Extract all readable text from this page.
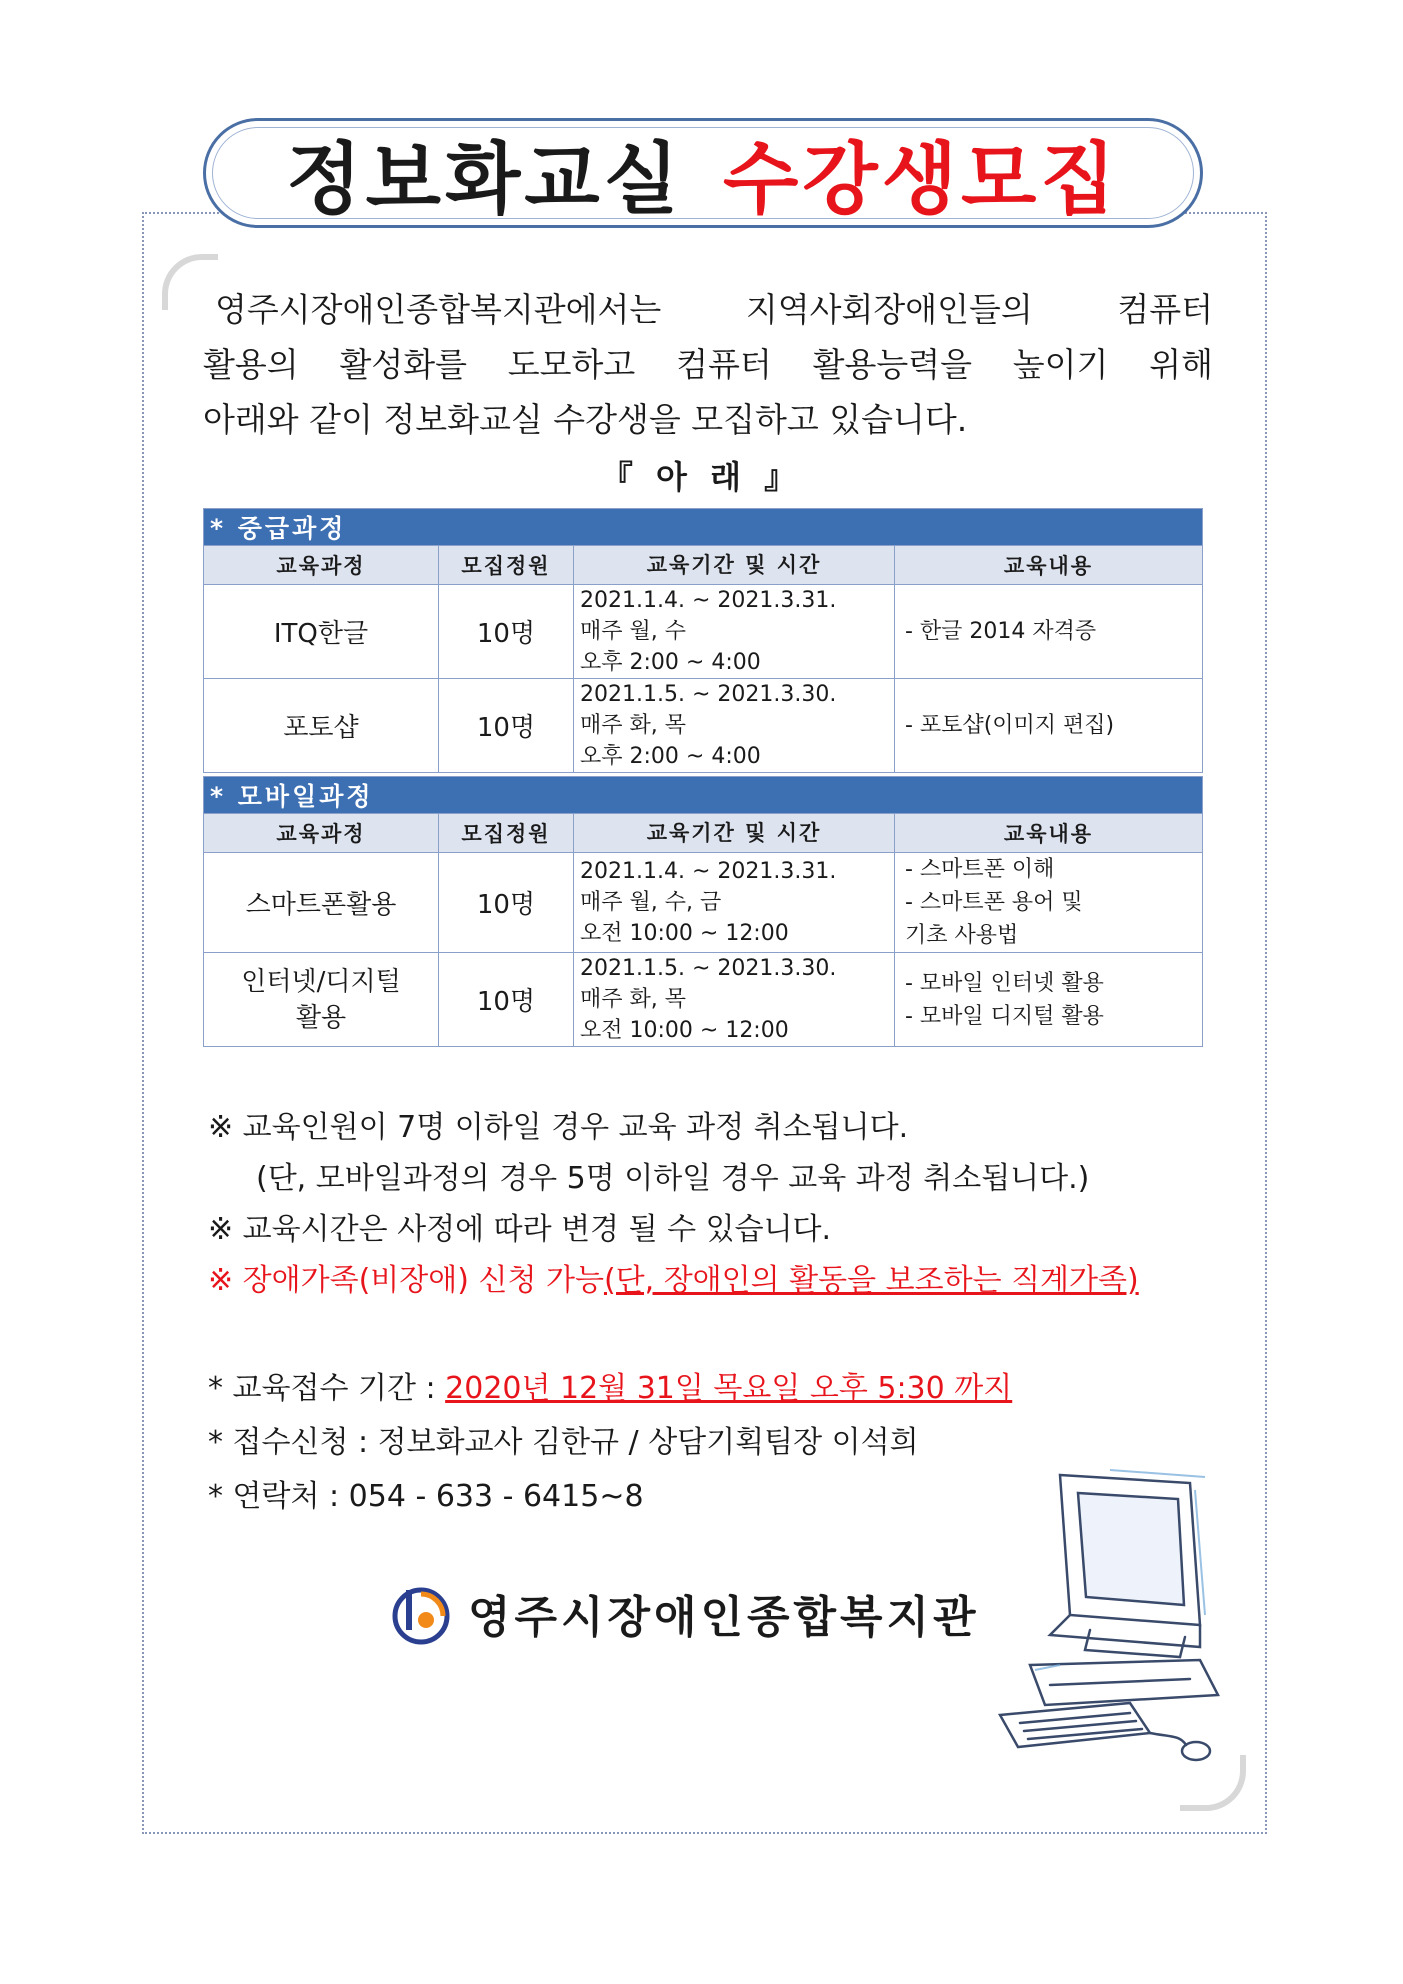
정보화교실 수강생모집
영주시장애인종합복지관에서는 지역사회장애인들의 컴퓨터
활용의 활성화를 도모하고 컴퓨터 활용능력을 높이기 위해
아래와 같이 정보화교실 수강생을 모집하고 있습니다.
『 아 래 』
* 중급과정			
교육과정	모집정원	교육기간 및 시간	교육내용
ITQ한글	10명	2021.1.4. ~ 2021.3.31.
매주 월, 수
오후 2:00 ~ 4:00	- 한글 2014 자격증

포토샵	10명	2021.1.5. ~ 2021.3.30.
매주 화, 목
오후 2:00 ~ 4:00	- 포토샵(이미지 편집)
* 모바일과정			
교육과정	모집정원	교육기간 및 시간	교육내용
스마트폰활용	10명	2021.1.4. ~ 2021.3.31.
매주 월, 수, 금
오전 10:00 ~ 12:00	- 스마트폰 이해
- 스마트폰 용어 및
기초 사용법

인터넷/디지털
활용	10명	2021.1.5. ~ 2021.3.30.
매주 화, 목
오전 10:00 ~ 12:00	- 모바일 인터넷 활용
- 모바일 디지털 활용
※ 교육인원이 7명 이하일 경우 교육 과정 취소됩니다.
(단, 모바일과정의 경우 5명 이하일 경우 교육 과정 취소됩니다.)
※ 교육시간은 사정에 따라 변경 될 수 있습니다.
※ 장애가족(비장애) 신청 가능(단, 장애인의 활동을 보조하는 직계가족)
* 교육접수 기간 : 2020년 12월 31일 목요일 오후 5:30 까지
* 접수신청 : 정보화교사 김한규 / 상담기획팀장 이석희
* 연락처 : 054 - 633 - 6415~8
영주시장애인종합복지관
